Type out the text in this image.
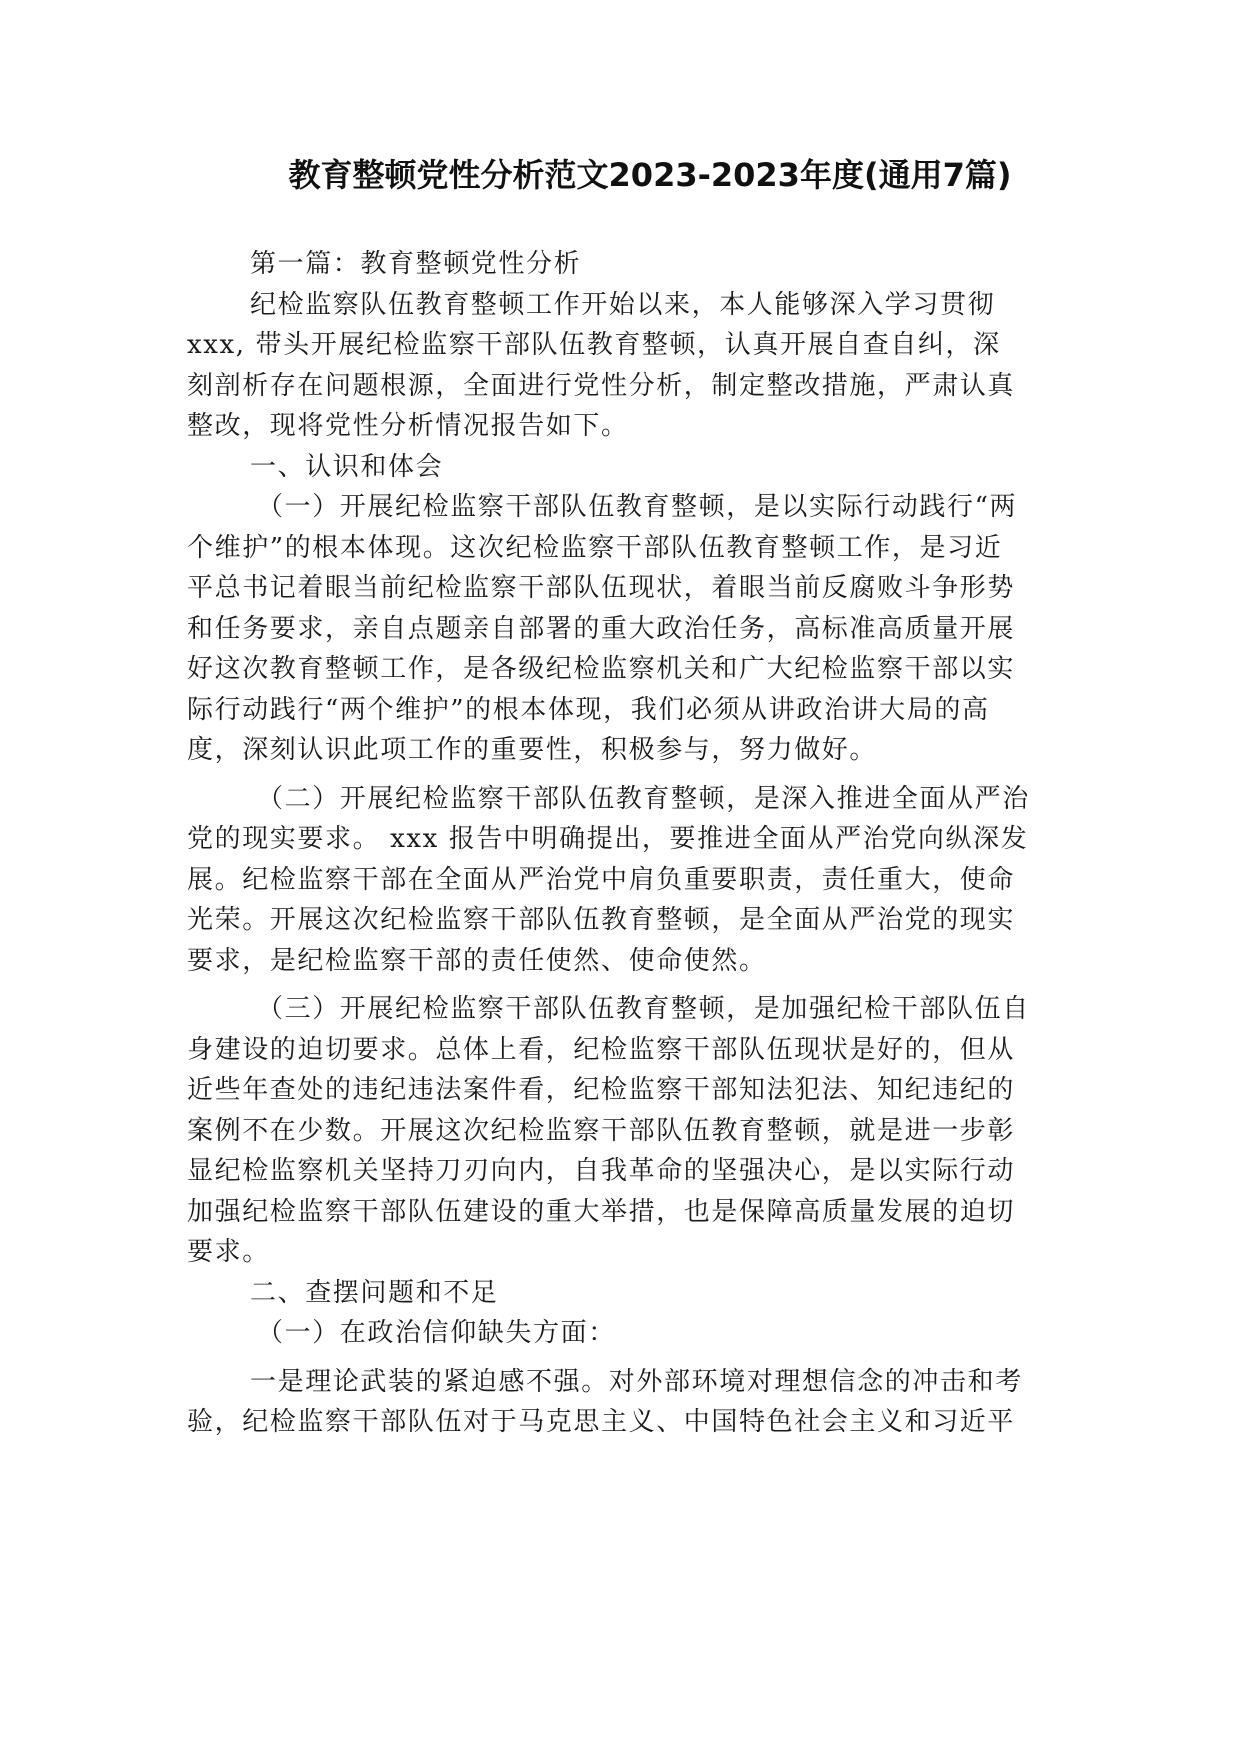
教育整顿党性分析范文2023-2023年度(通用7篇)
第一篇：教育整顿党性分析
纪检监察队伍教育整顿工作开始以来，本人能够深入学习贯彻
xxx, 带头开展纪检监察干部队伍教育整顿，认真开展自查自纠，深
刻剖析存在问题根源，全面进行党性分析，制定整改措施，严肃认真
整改，现将党性分析情况报告如下。
一、认识和体会
（一）开展纪检监察干部队伍教育整顿，是以实际行动践行“两
个维护”的根本体现。这次纪检监察干部队伍教育整顿工作，是习近
平总书记着眼当前纪检监察干部队伍现状，着眼当前反腐败斗争形势
和任务要求，亲自点题亲自部署的重大政治任务，高标准高质量开展
好这次教育整顿工作，是各级纪检监察机关和广大纪检监察干部以实
际行动践行“两个维护”的根本体现，我们必须从讲政治讲大局的高
度，深刻认识此项工作的重要性，积极参与，努力做好。
（二）开展纪检监察干部队伍教育整顿，是深入推进全面从严治
党的现实要求。 xxx 报告中明确提出，要推进全面从严治党向纵深发
展。纪检监察干部在全面从严治党中肩负重要职责，责任重大，使命
光荣。开展这次纪检监察干部队伍教育整顿，是全面从严治党的现实
要求，是纪检监察干部的责任使然、使命使然。
（三）开展纪检监察干部队伍教育整顿，是加强纪检干部队伍自
身建设的迫切要求。总体上看，纪检监察干部队伍现状是好的，但从
近些年查处的违纪违法案件看，纪检监察干部知法犯法、知纪违纪的
案例不在少数。开展这次纪检监察干部队伍教育整顿，就是进一步彰
显纪检监察机关坚持刀刃向内，自我革命的坚强决心，是以实际行动
加强纪检监察干部队伍建设的重大举措，也是保障高质量发展的迫切
要求。
二、查摆问题和不足
（一）在政治信仰缺失方面：
一是理论武装的紧迫感不强。对外部环境对理想信念的冲击和考
验，纪检监察干部队伍对于马克思主义、中国特色社会主义和习近平
